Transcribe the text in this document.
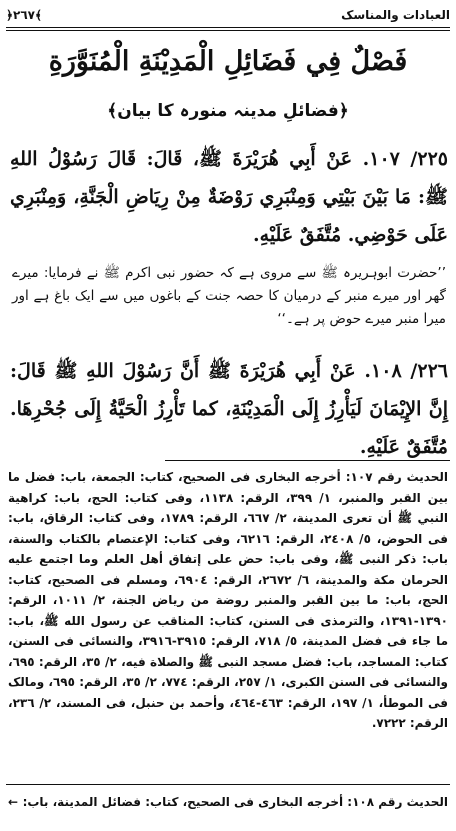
العبادات والمناسک
﴿٢٦٧﴾
فَصْلٌ فِي فَضَائِلِ الْمَدِيْنَةِ الْمُنَوَّرَةِ
﴿فضائلِ مدینہ منورہ کا بیان﴾
٢٢٥/ ١٠٧. عَنْ أَبِي هُرَيْرَةَ ﷺ، قَالَ: قَالَ رَسُوْلُ اللهِ ﷺ: مَا بَيْنَ بَيْتِي وَمِنْبَرِي رَوْضَةٌ مِنْ رِيَاضِ الْجَنَّةِ، وَمِنْبَرِي عَلَى حَوْضِي. مُتَّفَقٌ عَلَيْهِ.
’’حضرت ابوہریرہ ﷺ سے مروی ہے کہ حضور نبی اکرم ﷺ نے فرمایا: میرے گھر اور میرے منبر کے درمیان کا حصہ جنت کے باغوں میں سے ایک باغ ہے اور میرا منبر میرے حوض پر ہے۔‘‘
٢٢٦/ ١٠٨. عَنْ أَبِي هُرَيْرَةَ ﷺ أَنَّ رَسُوْلَ اللهِ ﷺ قَالَ: إِنَّ الإِيْمَانَ لَيَأْرِزُ إِلَى الْمَدِيْنَةِ، كما تَأْرِزُ الْحَيَّةُ إِلَى جُحْرِهَا. مُتَّفَقٌ عَلَيْهِ.
الحديث رقم ١٠٧: أخرجه البخاری فی الصحيح، کتاب: الجمعة، باب: فضل ما بين القبر والمنبر، ١/ ٣٩٩، الرقم: ١١٣٨، وفی کتاب: الحج، باب: کراهية النبي ﷺ أن تعرى المدينة، ٢/ ٦٦٧، الرقم: ١٧٨٩، وفی کتاب: الرقاق، باب: فی الحوض، ٥/ ٢٤٠٨، الرقم: ٦٢١٦، وفی کتاب: الإعتصام بالکتاب والسنة، باب: ذکر النبی ﷺ، وفی باب: حض علی إتفاق أهل العلم وما اجتمع عليه الحرمان مکة والمدينة، ٦/ ٢٦٧٢، الرقم: ٦٩٠٤، ومسلم فی الصحيح، کتاب: الحج، باب: ما بين القبر والمنبر روضة من رياض الجنة، ٢/ ١٠١١، الرقم: ١٣٩٠-١٣٩١، والترمذی فی السنن، کتاب: المناقب عن رسول الله ﷺ، باب: ما جاء فی فضل المدينة، ٥/ ٧١٨، الرقم: ٣٩١٥-٣٩١٦، والنسائی فی السنن، کتاب: المساجد، باب: فضل مسجد النبی ﷺ والصلاة فيه، ٢/ ٣٥، الرقم: ٦٩٥، والنسائی فی السنن الکبری، ١/ ٢٥٧، الرقم: ٧٧٤، ٢/ ٣٥، الرقم: ٦٩٥، ومالک فی الموطأ، ١/ ١٩٧، الرقم: ٤٦٣-٤٦٤، وأحمد بن حنبل، فی المسند، ٢/ ٢٣٦، الرقم: ٧٢٢٢.
الحديث رقم ١٠٨: أخرجه البخاری فی الصحيح، کتاب: فضائل المدينة، باب:
←
